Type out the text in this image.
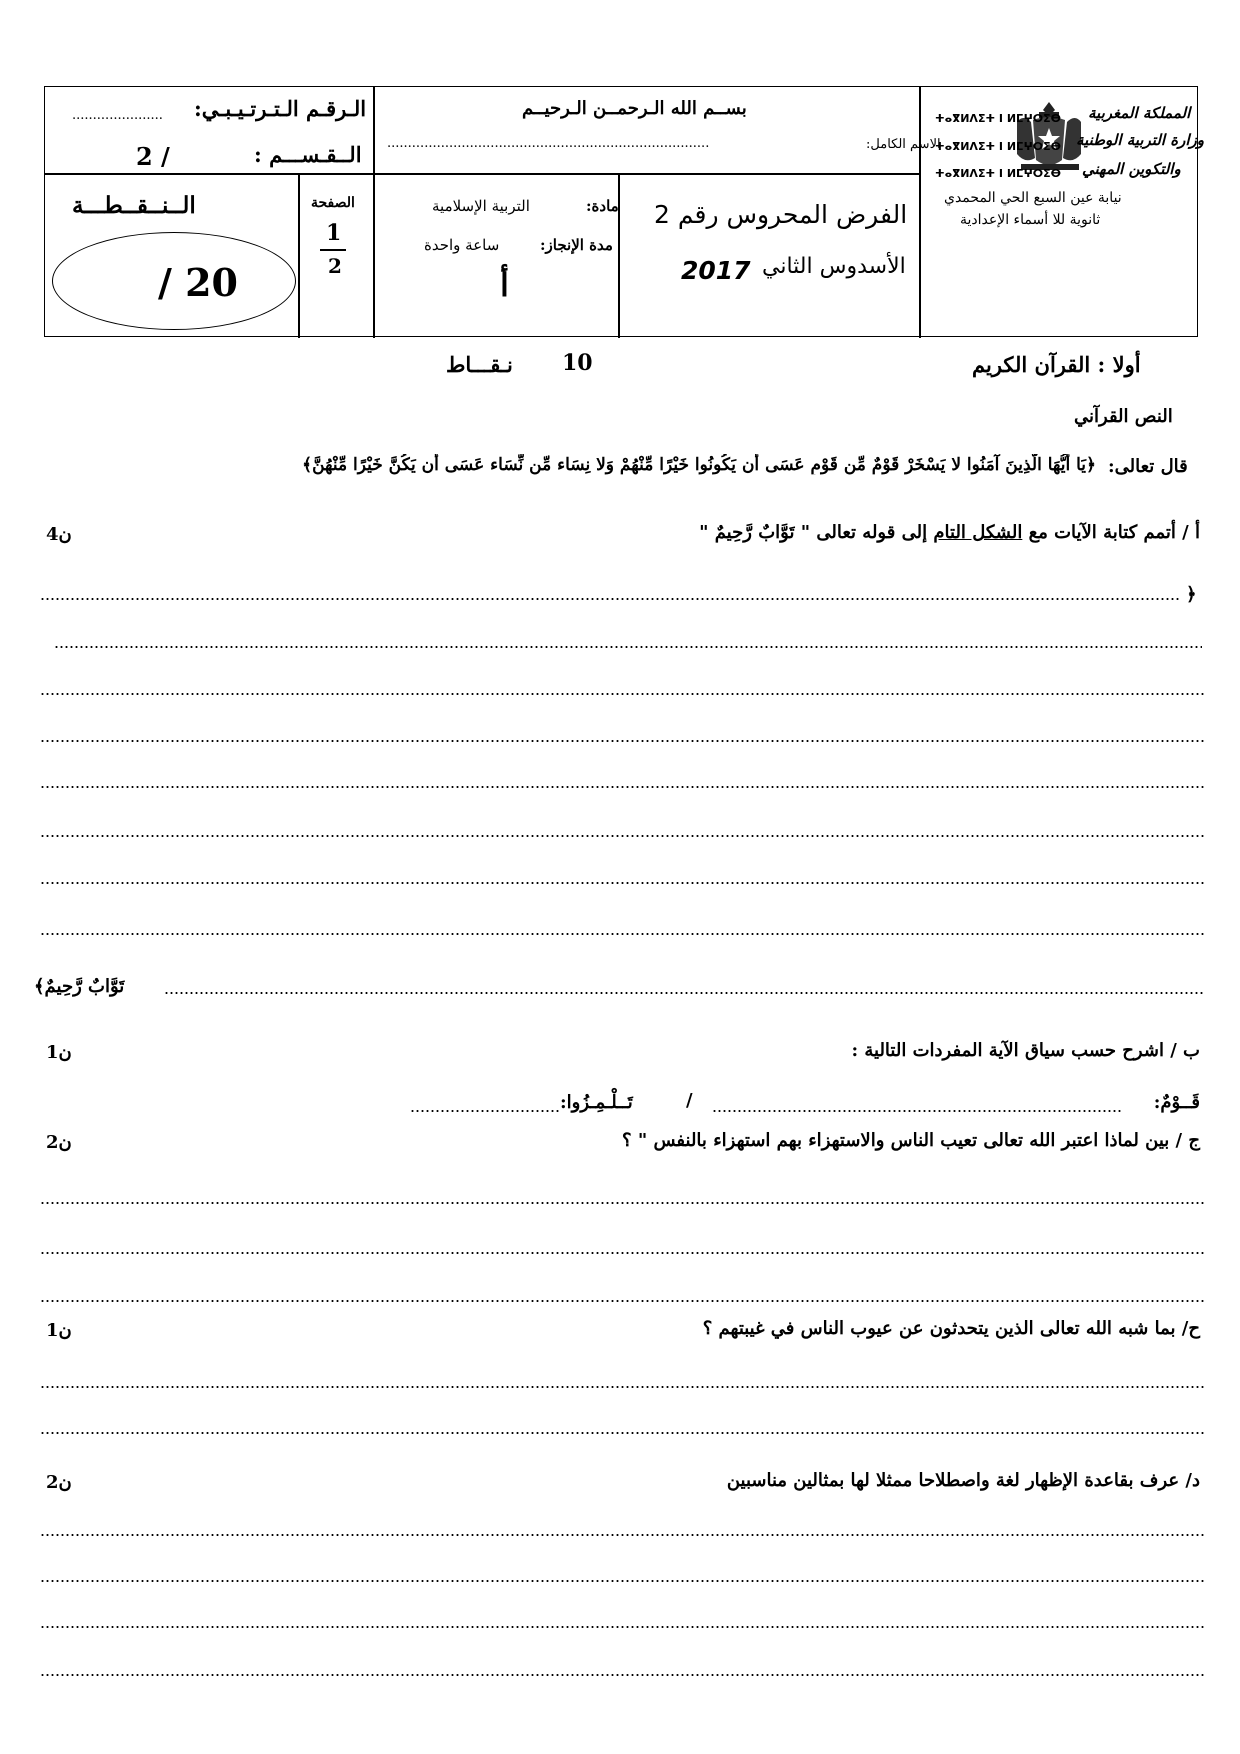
المملكة المغربية
وزارة التربية الوطنية
والتكوين المهني
ⵜⴰⴳⵍⴷⵉⵜ ⵏ ⵍⵎⵖⵔⵉⴱ
ⵜⴰⴳⵍⴷⵉⵜ ⵏ ⵍⵎⵖⵔⵉⴱ
ⵜⴰⴳⵍⴷⵉⵜ ⵏ ⵍⵎⵖⵔⵉⴱ
نيابة عين السبع الحي المحمدي
ثانوية للا أسماء الإعدادية
بســم الله الـرحمــن الـرحيــم
الاسم الكامل:
..............................................................................
الـرقـم الـتـرتـيـبـي:
......................
الــقـســـم :
2 /
الفرض المحروس رقم 2
الأسدوس الثاني
2017
مادة:
التربية الإسلامية
مدة الإنجاز:
ساعة واحدة
أ
الصفحة
1
2
الــنــقــطـــة
/ 20
أولا : القرآن الكريم
10
نـقـــاط
النص القرآني
قال تعالى:
﴿يَا أَيُّهَا الَّذِينَ آمَنُوا لا يَسْخَرْ قَوْمٌ مِّن قَوْمٍ عَسَى أَن يَكُونُوا خَيْرًا مِّنْهُمْ وَلا نِسَاء مِّن نِّسَاء عَسَى أَن يَكُنَّ خَيْرًا مِّنْهُنَّ﴾
أ / أتمم كتابة الآيات مع الشكل التام إلى قوله تعالى " تَوَّابٌ رَّحِيمٌ "
4ن
﴿
تَوَّابٌ رَّحِيمٌ﴾
ب / اشرح حسب سياق الآية المفردات التالية :
1ن
قَــوْمٌ:
/
تَــلْـمِـزُوا:
ج / بين لماذا اعتبر الله تعالى تعيب الناس والاستهزاء بهم استهزاء بالنفس " ؟
2ن
ح/ بما شبه الله تعالى الذين يتحدثون عن عيوب الناس في غيبتهم ؟
1ن
د/ عرف بقاعدة الإظهار لغة واصطلاحا ممثلا لها بمثالين مناسبين
2ن
